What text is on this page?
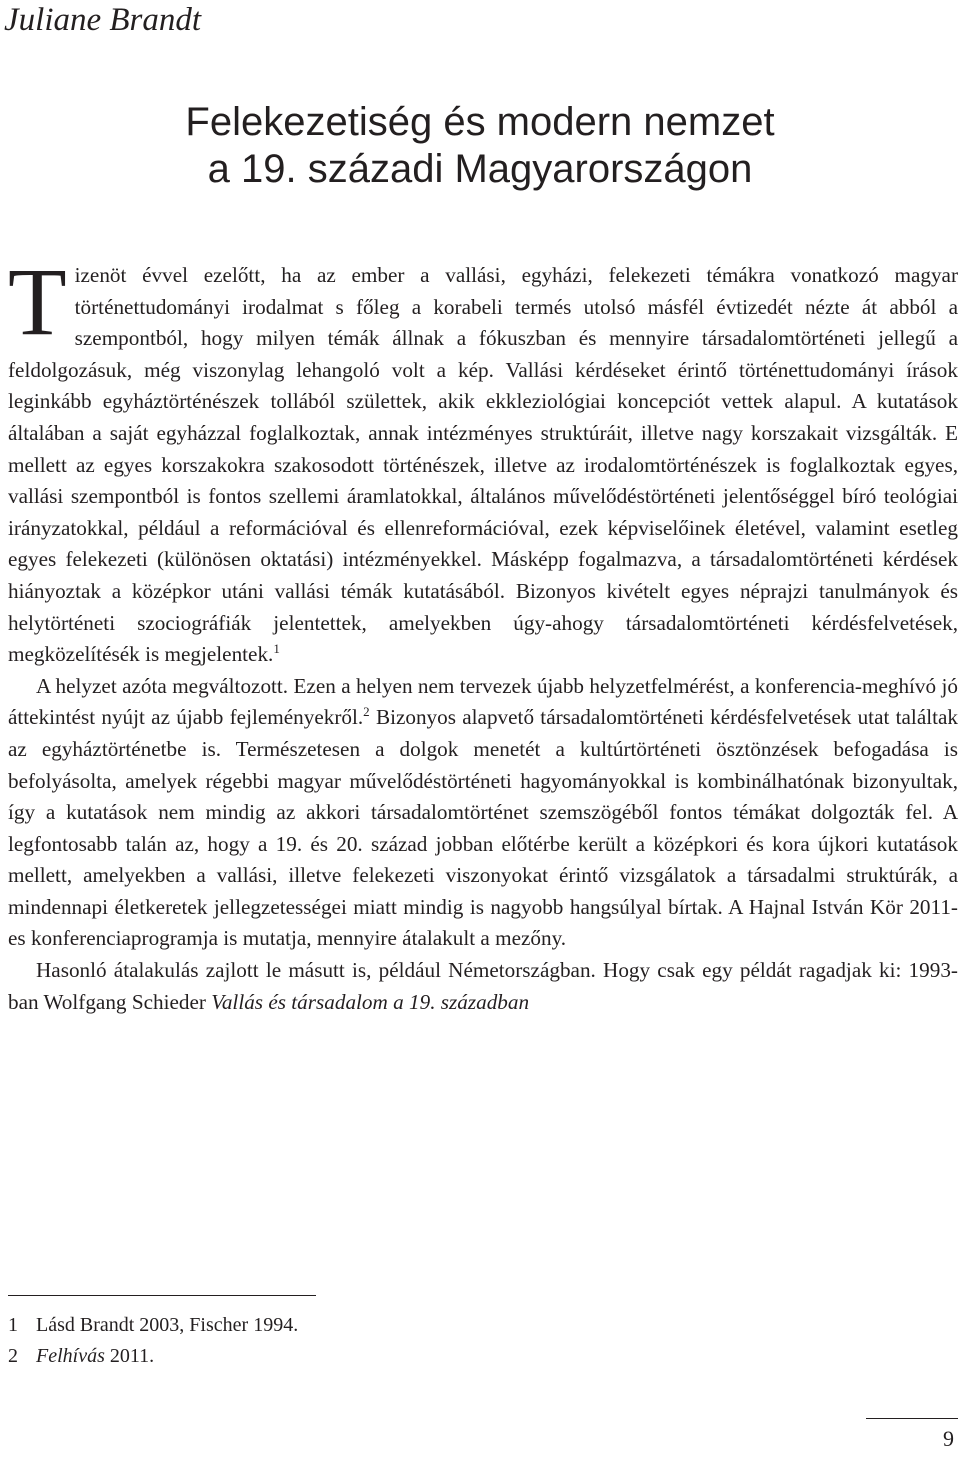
Juliane Brandt
Felekezetiség és modern nemzet
a 19. századi Magyarországon

Tizenöt évvel ezelőtt, ha az ember a vallási, egyházi, felekezeti témákra vonatkozó magyar történettudományi irodalmat s főleg a korabeli termés utolsó másfél évtizedét nézte át abból a szempontból, hogy milyen témák állnak a fókuszban és mennyire társadalomtörténeti jellegű a feldolgozásuk, még viszonylag lehangoló volt a kép. Vallási kérdéseket érintő történettudományi írások leginkább egyháztörténészek tollából születtek, akik ekkleziológiai koncepciót vettek alapul. A kutatások általában a saját egyházzal foglalkoztak, annak intézményes struktúráit, illetve nagy korszakait vizsgálták. E mellett az egyes korszakokra szakosodott történészek, illetve az irodalomtörténészek is foglalkoztak egyes, vallási szempontból is fontos szellemi áramlatokkal, általános művelődéstörténeti jelentőséggel bíró teológiai irányzatokkal, például a reformációval és ellenreformációval, ezek képviselőinek életével, valamint esetleg egyes felekezeti (különösen oktatási) intézményekkel. Másképp fogalmazva, a társadalomtörténeti kérdések hiányoztak a középkor utáni vallási témák kutatásából. Bizonyos kivételt egyes néprajzi tanulmányok és helytörténeti szociográfiák jelentettek, amelyekben úgy-ahogy társadalomtörténeti kérdésfelvetések, megközelítésék is megjelentek.$^1$

A helyzet azóta megváltozott. Ezen a helyen nem tervezek újabb helyzetfelmérést, a konferencia-meghívó jó áttekintést nyújt az újabb fejleményekről.$^2$ Bizonyos alapvető társadalomtörténeti kérdésfelvetések utat találtak az egyháztörténetbe is. Természetesen a dolgok menetét a kultúrtörténeti ösztönzések befogadása is befolyásolta, amelyek régebbi magyar művelődéstörténeti hagyományokkal is kombinálhatónak bizonyultak, így a kutatások nem mindig az akkori társadalomtörténet szemszögéből fontos témákat dolgozták fel. A legfontosabb talán az, hogy a 19. és 20. század jobban előtérbe került a középkori és kora újkori kutatások mellett, amelyekben a vallási, illetve felekezeti viszonyokat érintő vizsgálatok a társadalmi struktúrák, a mindennapi életkeretek jellegzetességei miatt mindig is nagyobb hangsúlyal bírtak. A Hajnal István Kör 2011-es konferenciaprogramja is mutatja, mennyire átalakult a mezőny.

Hasonló átalakulás zajlott le másutt is, például Németországban. Hogy csak egy példát ragadjak ki: 1993-ban Wolfgang Schieder Vallás és társadalom a 19. században

1 Lásd Brandt 2003, Fischer 1994.
2 Felhívás 2011.
9
